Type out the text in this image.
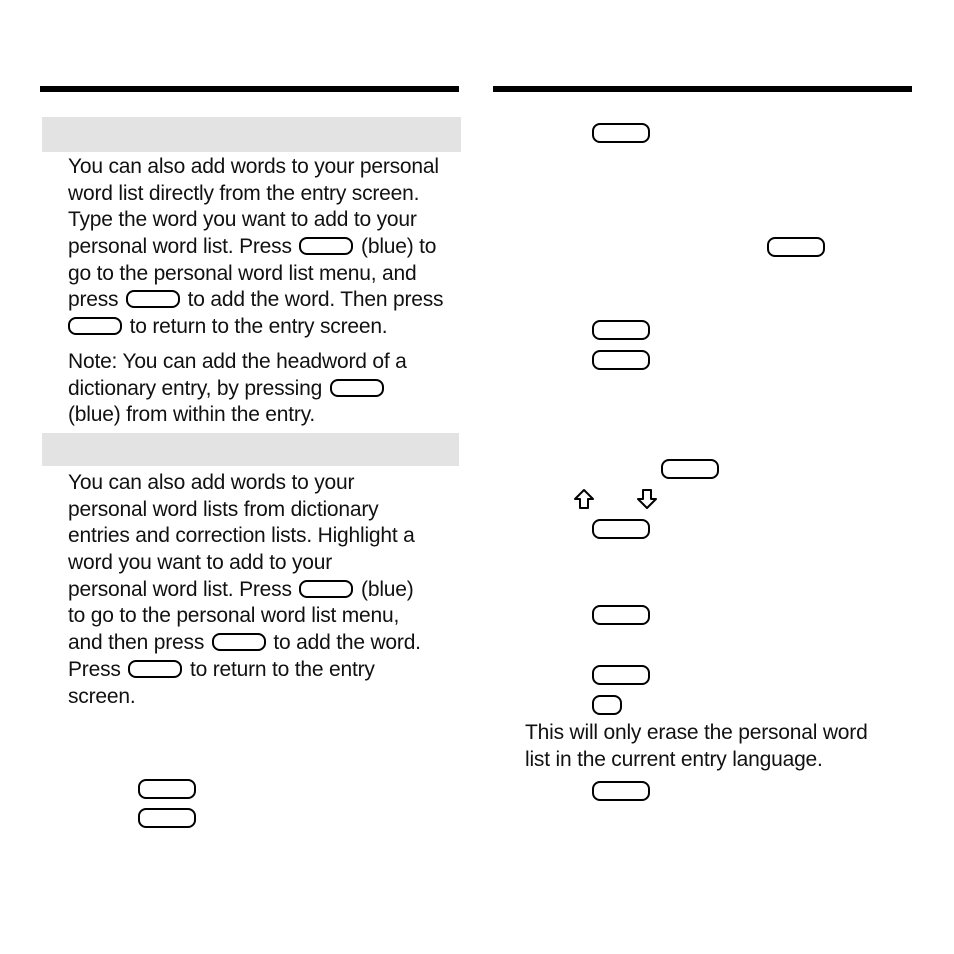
You can also add words to your personal
word list directly from the entry screen.
Type the word you want to add to your
personal word list. Press	(blue) to
go to the personal word list menu, and
press	to add the word. Then press
to return to the entry screen.
Note: You can add the headword of a
dictionary entry, by pressing
(blue) from within the entry.
You can also add words to your
personal word lists from dictionary
entries and correction lists. Highlight a
word you want to add to your
personal word list. Press	(blue)
to go to the personal word list menu,
and then press	to add the word.
Press	to return to the entry
screen.
This will only erase the personal word
list in the current entry language.
